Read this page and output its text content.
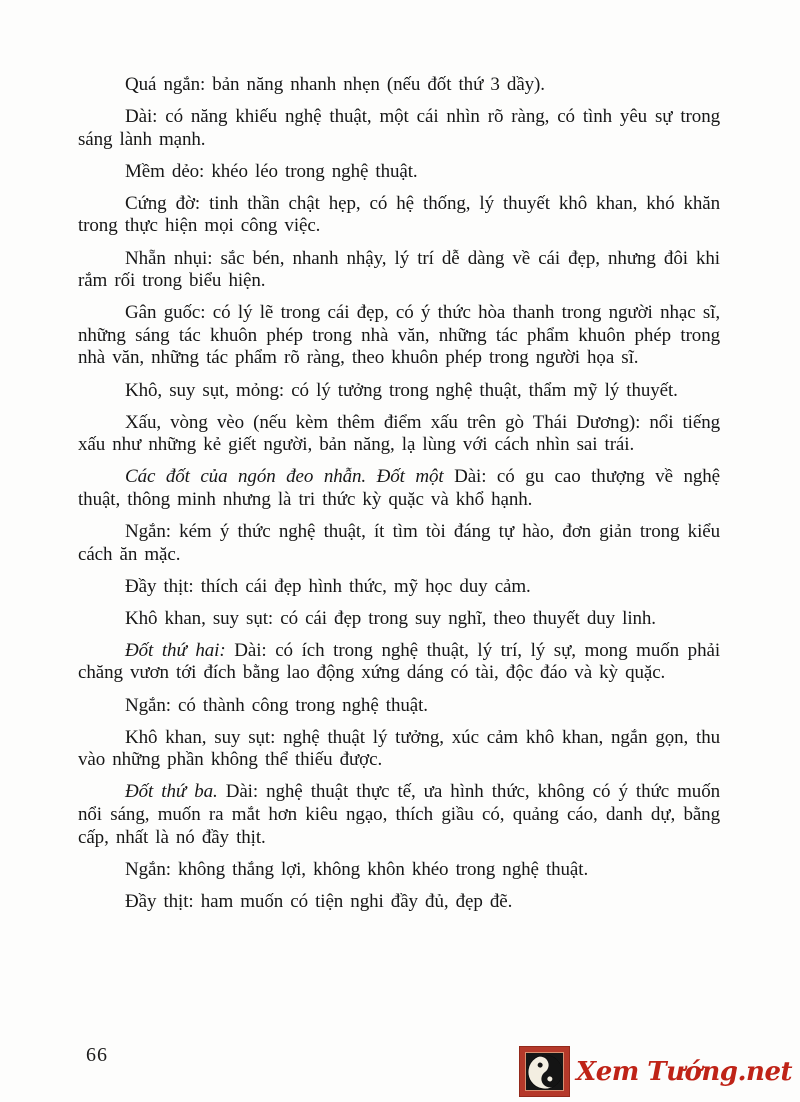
Quá ngắn: bản năng nhanh nhẹn (nếu đốt thứ 3 dầy).

Dài: có năng khiếu nghệ thuật, một cái nhìn rõ ràng, có tình yêu sự trong sáng lành mạnh.

Mềm dẻo: khéo léo trong nghệ thuật.

Cứng đờ: tinh thần chật hẹp, có hệ thống, lý thuyết khô khan, khó khăn trong thực hiện mọi công việc.

Nhẵn nhụi: sắc bén, nhanh nhậy, lý trí dễ dàng về cái đẹp, nhưng đôi khi rắm rối trong biểu hiện.

Gân guốc: có lý lẽ trong cái đẹp, có ý thức hòa thanh trong người nhạc sĩ, những sáng tác khuôn phép trong nhà văn, những tác phẩm khuôn phép trong nhà văn, những tác phẩm rõ ràng, theo khuôn phép trong người họa sĩ.

Khô, suy sụt, mỏng: có lý tưởng trong nghệ thuật, thẩm mỹ lý thuyết.

Xấu, vòng vèo (nếu kèm thêm điểm xấu trên gò Thái Dương): nổi tiếng xấu như những kẻ giết người, bản năng, lạ lùng với cách nhìn sai trái.

Các đốt của ngón đeo nhẫn. Đốt một Dài: có gu cao thượng về nghệ thuật, thông minh nhưng là tri thức kỳ quặc và khổ hạnh.

Ngắn: kém ý thức nghệ thuật, ít tìm tòi đáng tự hào, đơn giản trong kiểu cách ăn mặc.

Đầy thịt: thích cái đẹp hình thức, mỹ học duy cảm.

Khô khan, suy sụt: có cái đẹp trong suy nghĩ, theo thuyết duy linh.

Đốt thứ hai: Dài: có ích trong nghệ thuật, lý trí, lý sự, mong muốn phải chăng vươn tới đích bằng lao động xứng dáng có tài, độc đáo và kỳ quặc.

Ngắn: có thành công trong nghệ thuật.

Khô khan, suy sụt: nghệ thuật lý tưởng, xúc cảm khô khan, ngắn gọn, thu vào những phần không thể thiếu được.

Đốt thứ ba. Dài: nghệ thuật thực tế, ưa hình thức, không có ý thức muốn nổi sáng, muốn ra mắt hơn kiêu ngạo, thích giầu có, quảng cáo, danh dự, bằng cấp, nhất là nó đầy thịt.

Ngắn: không thắng lợi, không khôn khéo trong nghệ thuật.

Đầy thịt: ham muốn có tiện nghi đầy đủ, đẹp đẽ.

66
Xem Tướng.net
